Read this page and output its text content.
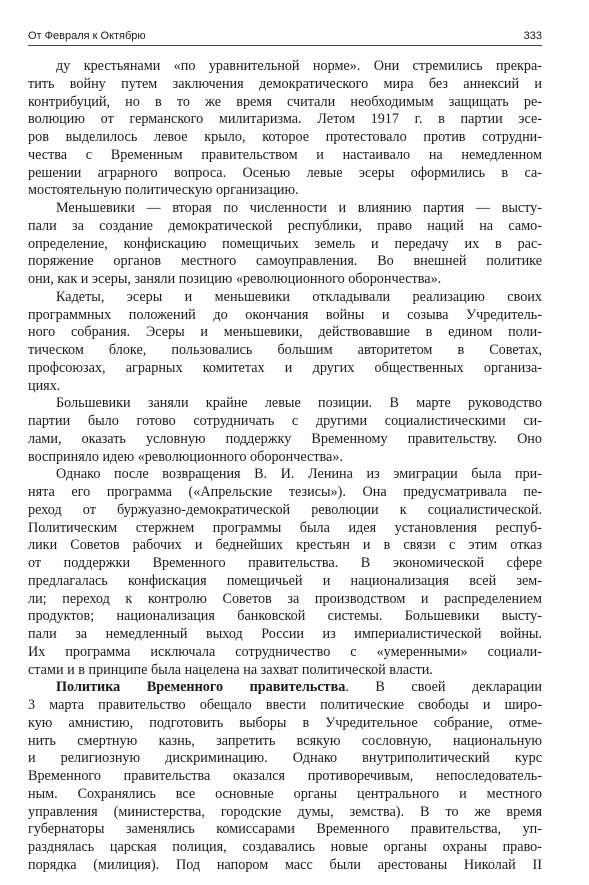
От Февраля к Октябрю	333
ду крестьянами «по уравнительной норме». Они стремились прекра-
тить войну путем заключения демократического мира без аннексий и
контрибуций, но в то же время считали необходимым защищать ре-
волюцию от германского милитаризма. Летом 1917 г. в партии эсе-
ров выделилось левое крыло, которое протестовало против сотрудни-
чества с Временным правительством и настаивало на немедленном
решении аграрного вопроса. Осенью левые эсеры оформились в са-
мостоятельную политическую организацию.
Меньшевики — вторая по численности и влиянию партия — высту-
пали за создание демократической республики, право наций на само-
определение, конфискацию помещичьих земель и передачу их в рас-
поряжение органов местного самоуправления. Во внешней политике
они, как и эсеры, заняли позицию «революционного оборончества».
Кадеты, эсеры и меньшевики откладывали реализацию своих
программных положений до окончания войны и созыва Учредитель-
ного собрания. Эсеры и меньшевики, действовавшие в едином поли-
тическом блоке, пользовались большим авторитетом в Советах,
профсоюзах, аграрных комитетах и других общественных организа-
циях.
Большевики заняли крайне левые позиции. В марте руководство
партии было готово сотрудничать с другими социалистическими си-
лами, оказать условную поддержку Временному правительству. Оно
восприняло идею «революционного оборончества».
Однако после возвращения В. И. Ленина из эмиграции была при-
нята его программа («Апрельские тезисы»). Она предусматривала пе-
реход от буржуазно-демократической революции к социалистической.
Политическим стержнем программы была идея установления респуб-
лики Советов рабочих и беднейших крестьян и в связи с этим отказ
от поддержки Временного правительства. В экономической сфере
предлагалась конфискация помещичьей и национализация всей зем-
ли; переход к контролю Советов за производством и распределением
продуктов; национализация банковской системы. Большевики высту-
пали за немедленный выход России из империалистической войны.
Их программа исключала сотрудничество с «умеренными» социали-
стами и в принципе была нацелена на захват политической власти.
Политика Временного правительства. В своей декларации
3 марта правительство обещало ввести политические свободы и широ-
кую амнистию, подготовить выборы в Учредительное собрание, отме-
нить смертную казнь, запретить всякую сословную, национальную
и религиозную дискриминацию. Однако внутриполитический курс
Временного правительства оказался противоречивым, непоследователь-
ным. Сохранялись все основные органы центрального и местного
управления (министерства, городские думы, земства). В то же время
губернаторы заменялись комиссарами Временного правительства, уп-
разднялась царская полиция, создавались новые органы охраны право-
порядка (милиция). Под напором масс были арестованы Николай II
